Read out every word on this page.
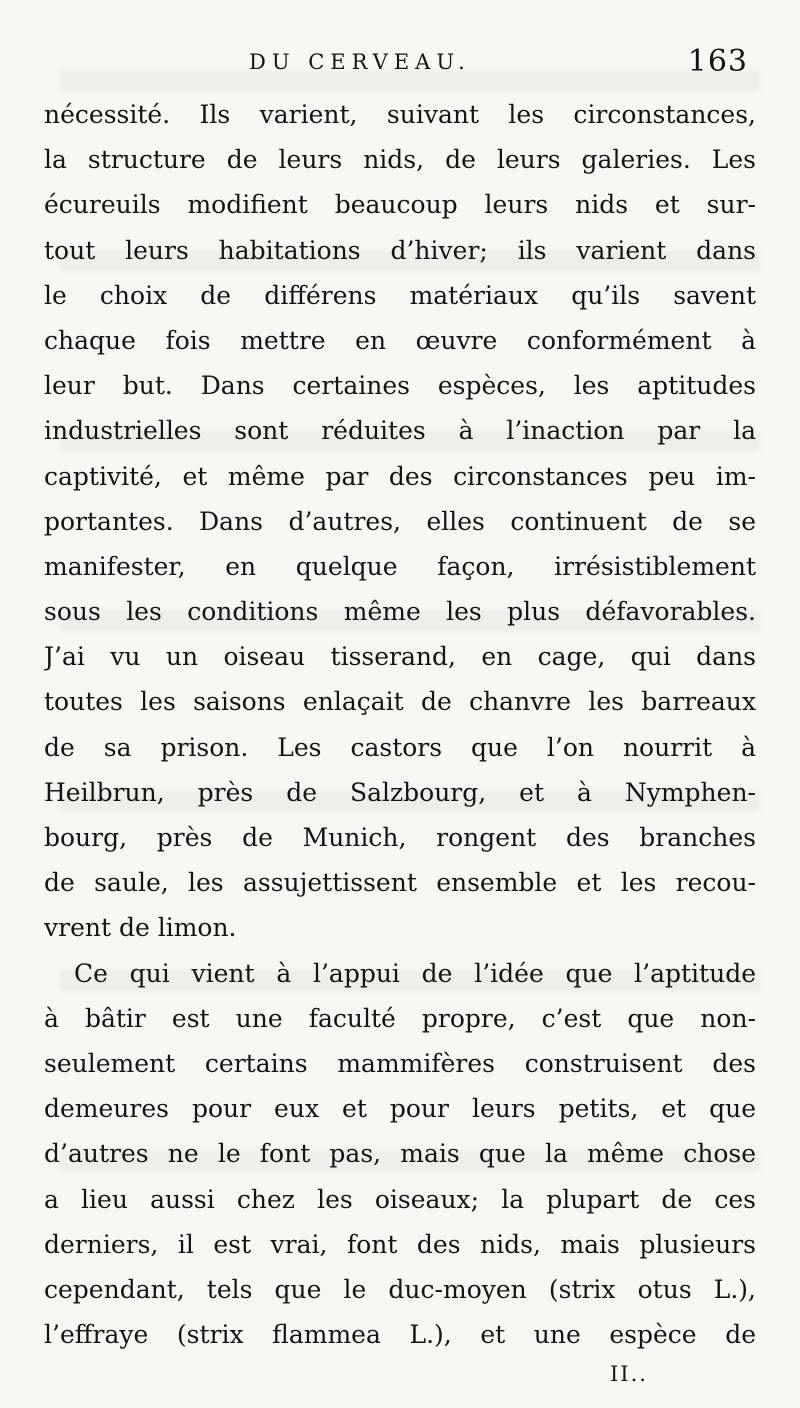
DU CERVEAU.	163
nécessité. Ils varient, suivant les circonstances,
la structure de leurs nids, de leurs galeries. Les
écureuils modifient beaucoup leurs nids et sur-
tout leurs habitations d’hiver; ils varient dans
le choix de différens matériaux qu’ils savent
chaque fois mettre en œuvre conformément à
leur but. Dans certaines espèces, les aptitudes
industrielles sont réduites à l’inaction par la
captivité, et même par des circonstances peu im-
portantes. Dans d’autres, elles continuent de se
manifester, en quelque façon, irrésistiblement
sous les conditions même les plus défavorables.
J’ai vu un oiseau tisserand, en cage, qui dans
toutes les saisons enlaçait de chanvre les barreaux
de sa prison. Les castors que l’on nourrit à
Heilbrun, près de Salzbourg, et à Nymphen-
bourg, près de Munich, rongent des branches
de saule, les assujettissent ensemble et les recou-
vrent de limon.
Ce qui vient à l’appui de l’idée que l’aptitude
à bâtir est une faculté propre, c’est que non-
seulement certains mammifères construisent des
demeures pour eux et pour leurs petits, et que
d’autres ne le font pas, mais que la même chose
a lieu aussi chez les oiseaux; la plupart de ces
derniers, il est vrai, font des nids, mais plusieurs
cependant, tels que le duc-moyen (strix otus L.),
l’effraye (strix flammea L.), et une espèce de
II..
